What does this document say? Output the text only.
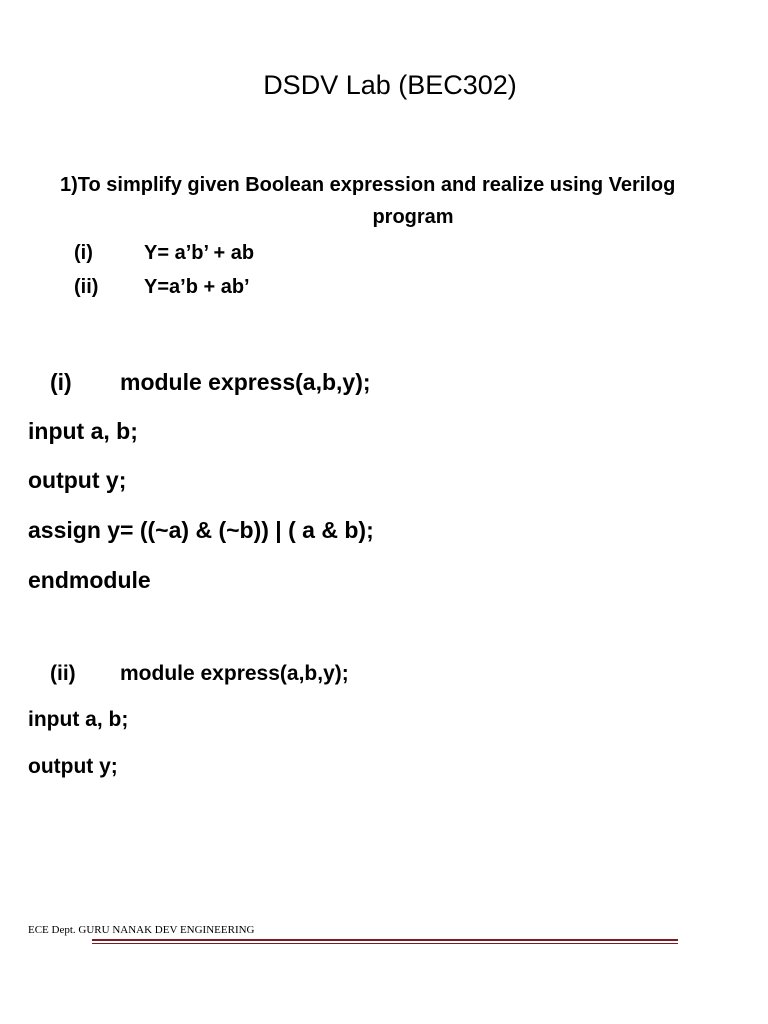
DSDV Lab (BEC302)
1)To simplify given Boolean expression and realize using Verilog
program
(i)	Y= a’b’ + ab
(ii) Y=a’b + ab’
(i) module express(a,b,y);
input a, b;
output y;
assign y= ((~a) & (~b)) | ( a & b);
endmodule
(ii) module express(a,b,y);
input a, b;
output y;
ECE Dept. GURU NANAK DEV ENGINEERING
